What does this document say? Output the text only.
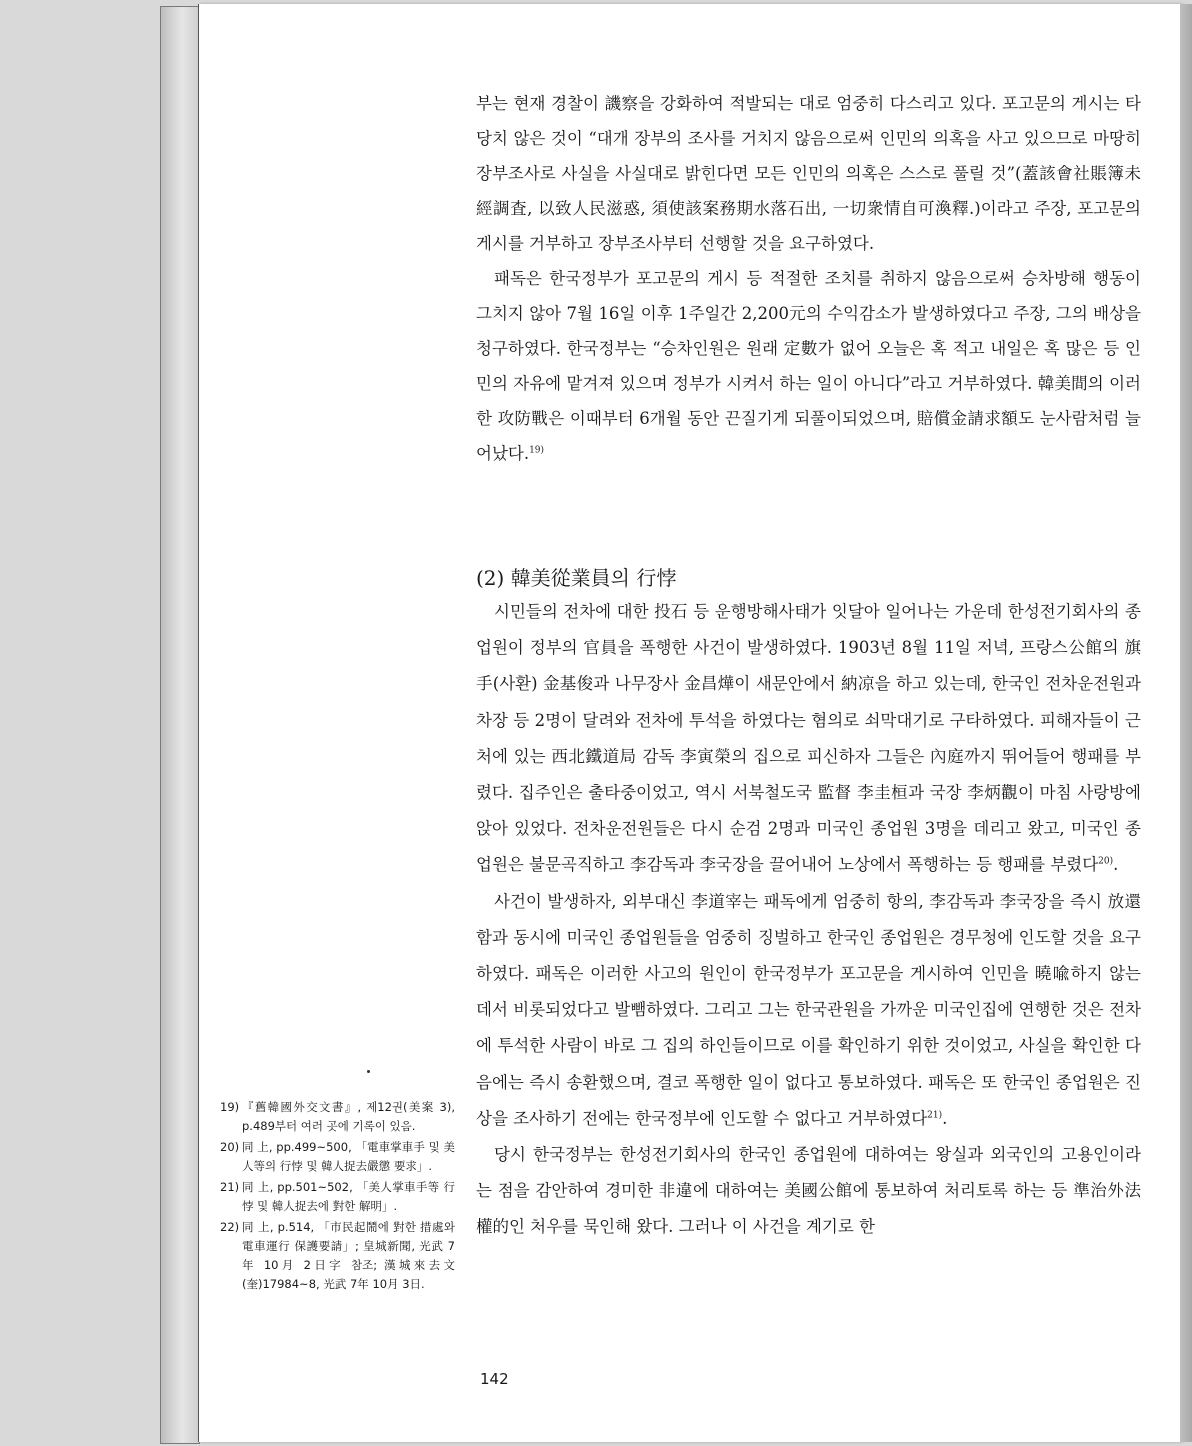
부는 현재 경찰이 譏察을 강화하여 적발되는 대로 엄중히 다스리고 있다. 포고문의 게시는 타당치 않은 것이 “대개 장부의 조사를 거치지 않음으로써 인민의 의혹을 사고 있으므로 마땅히 장부조사로 사실을 사실대로 밝힌다면 모든 인민의 의혹은 스스로 풀릴 것”(蓋該會社賬簿未經調査, 以致人民滋惑, 須使該案務期水落石出, 一切衆情自可渙釋.)이라고 주장, 포고문의 게시를 거부하고 장부조사부터 선행할 것을 요구하였다.

패독은 한국정부가 포고문의 게시 등 적절한 조치를 취하지 않음으로써 승차방해 행동이 그치지 않아 7월 16일 이후 1주일간 2,200元의 수익감소가 발생하였다고 주장, 그의 배상을 청구하였다. 한국정부는 “승차인원은 원래 定數가 없어 오늘은 혹 적고 내일은 혹 많은 등 인민의 자유에 맡겨져 있으며 정부가 시켜서 하는 일이 아니다”라고 거부하였다. 韓美間의 이러한 攻防戰은 이때부터 6개월 동안 끈질기게 되풀이되었으며, 賠償金請求額도 눈사람처럼 늘어났다.$^{19)}$

(2) 韓美從業員의 行悖

시민들의 전차에 대한 投石 등 운행방해사태가 잇달아 일어나는 가운데 한성전기회사의 종업원이 정부의 官員을 폭행한 사건이 발생하였다. 1903년 8월 11일 저녁, 프랑스公館의 旗手(사환) 金基俊과 나무장사 金昌燁이 새문안에서 納凉을 하고 있는데, 한국인 전차운전원과 차장 등 2명이 달려와 전차에 투석을 하였다는 혐의로 쇠막대기로 구타하였다. 피해자들이 근처에 있는 西北鐵道局 감독 李寅榮의 집으로 피신하자 그들은 內庭까지 뛰어들어 행패를 부렸다. 집주인은 출타중이었고, 역시 서북철도국 監督 李圭桓과 국장 李炳觀이 마침 사랑방에 앉아 있었다. 전차운전원들은 다시 순검 2명과 미국인 종업원 3명을 데리고 왔고, 미국인 종업원은 불문곡직하고 李감독과 李국장을 끌어내어 노상에서 폭행하는 등 행패를 부렸다$^{20)}$.

사건이 발생하자, 외부대신 李道宰는 패독에게 엄중히 항의, 李감독과 李국장을 즉시 放還함과 동시에 미국인 종업원들을 엄중히 징벌하고 한국인 종업원은 경무청에 인도할 것을 요구하였다. 패독은 이러한 사고의 원인이 한국정부가 포고문을 게시하여 인민을 曉喩하지 않는 데서 비롯되었다고 발뺌하였다. 그리고 그는 한국관원을 가까운 미국인집에 연행한 것은 전차에 투석한 사람이 바로 그 집의 하인들이므로 이를 확인하기 위한 것이었고, 사실을 확인한 다음에는 즉시 송환했으며, 결코 폭행한 일이 없다고 통보하였다. 패독은 또 한국인 종업원은 진상을 조사하기 전에는 한국정부에 인도할 수 없다고 거부하였다$^{21)}$.

당시 한국정부는 한성전기회사의 한국인 종업원에 대하여는 왕실과 외국인의 고용인이라는 점을 감안하여 경미한 非違에 대하여는 美國公館에 통보하여 처리토록 하는 등 準治外法權的인 처우를 묵인해 왔다. 그러나 이 사건을 계기로 한

19) 『舊韓國外交文書』, 제12권(美案 3), p.489부터 여러 곳에 기록이 있음.
20) 同 上, pp.499~500, 「電車掌車手 및 美人等의 行悖 및 韓人捉去嚴懲 要求」.
21) 同 上, pp.501~502, 「美人掌車手等 行悖 및 韓人捉去에 對한 解明」.
22) 同 上, p.514, 「市民起鬧에 對한 措處와 電車運行 保護要請」; 皇城新聞, 光武 7年 10月 2日字 참조; 漢城來去文(奎)17984~8, 光武 7年 10月 3日.
142
